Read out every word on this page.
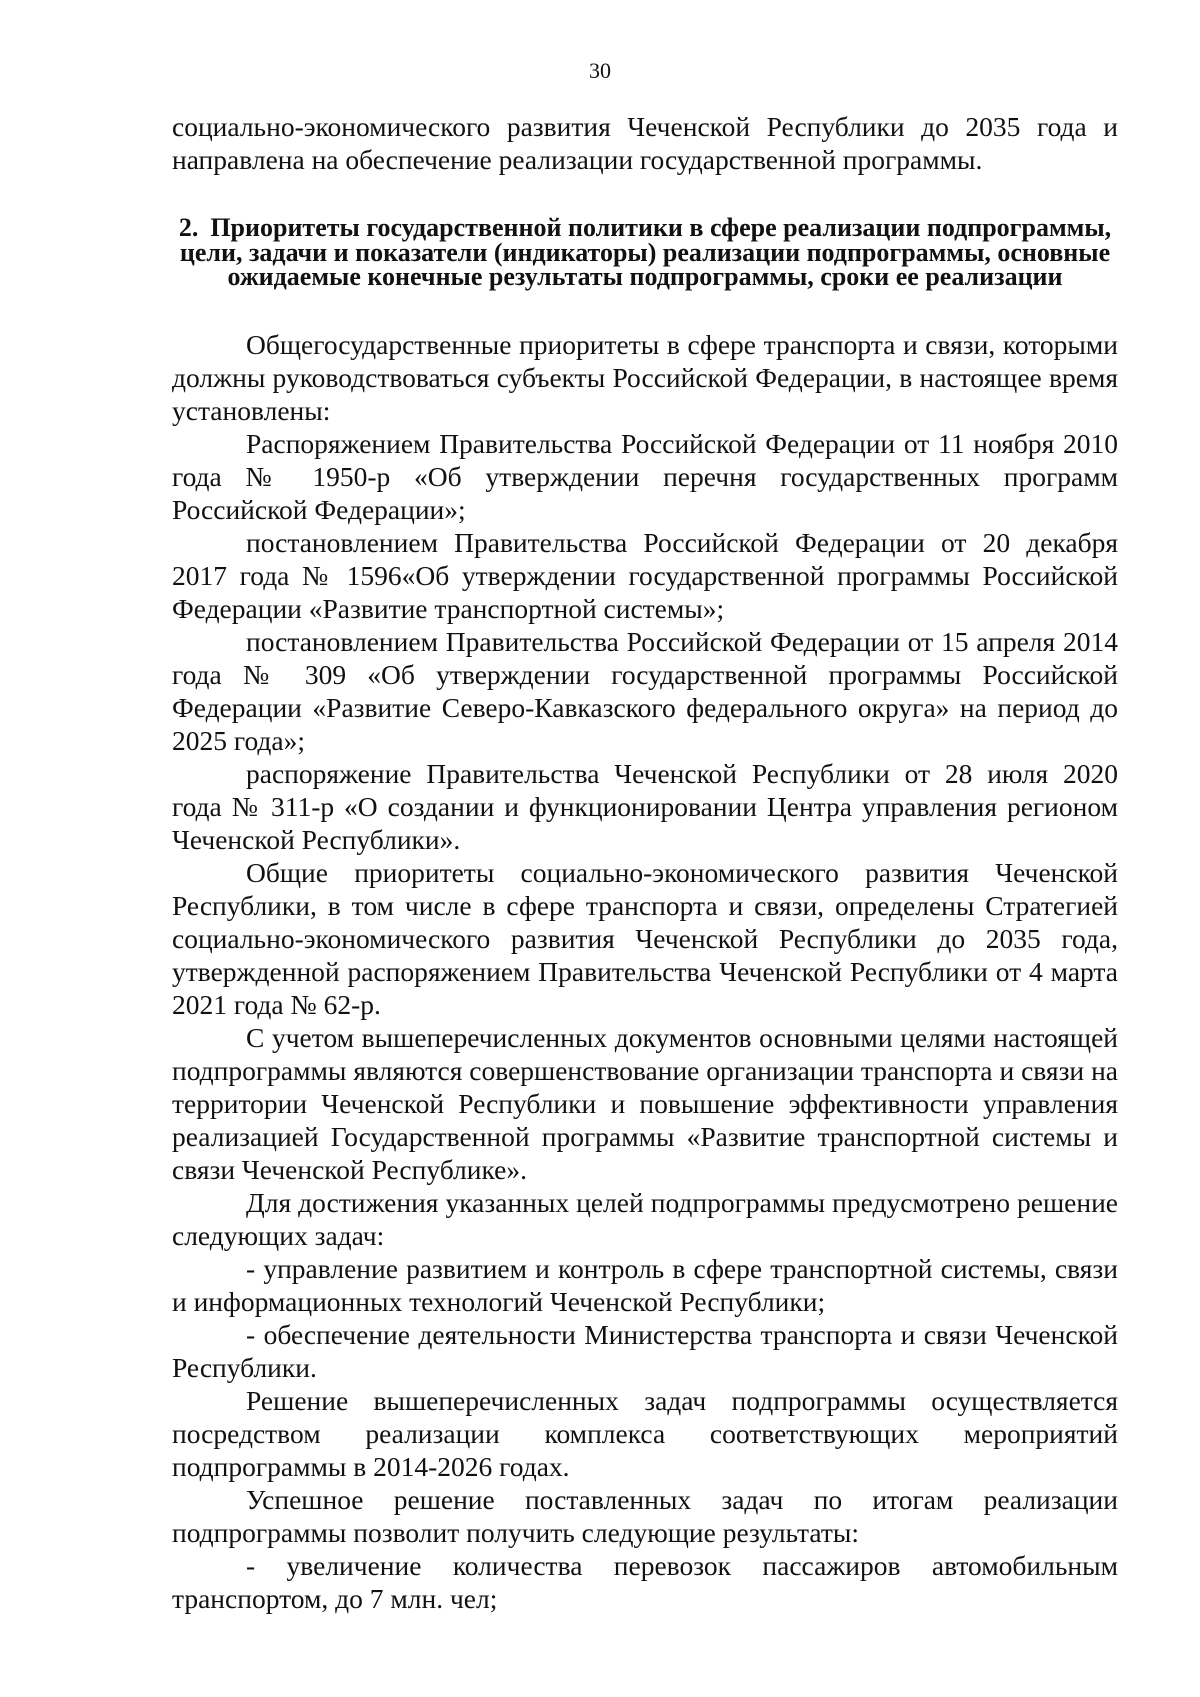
30

социально-экономического развития Чеченской Республики до 2035 года и направлена на обеспечение реализации государственной программы.

2. Приоритеты государственной политики в сфере реализации подпрограммы, цели, задачи и показатели (индикаторы) реализации подпрограммы, основные ожидаемые конечные результаты подпрограммы, сроки ее реализации

Общегосударственные приоритеты в сфере транспорта и связи, которыми должны руководствоваться субъекты Российской Федерации, в настоящее время установлены:

Распоряжением Правительства Российской Федерации от 11 ноября 2010 года № 1950-р «Об утверждении перечня государственных программ Российской Федерации»;

постановлением Правительства Российской Федерации от 20 декабря 2017 года № 1596«Об утверждении государственной программы Российской Федерации «Развитие транспортной системы»;

постановлением Правительства Российской Федерации от 15 апреля 2014 года № 309 «Об утверждении государственной программы Российской Федерации «Развитие Северо-Кавказского федерального округа» на период до 2025 года»;

распоряжение Правительства Чеченской Республики от 28 июля 2020 года № 311-р «О создании и функционировании Центра управления регионом Чеченской Республики».

Общие приоритеты социально-экономического развития Чеченской Республики, в том числе в сфере транспорта и связи, определены Стратегией социально-экономического развития Чеченской Республики до 2035 года, утвержденной распоряжением Правительства Чеченской Республики от 4 марта 2021 года № 62-р.

С учетом вышеперечисленных документов основными целями настоящей подпрограммы являются совершенствование организации транспорта и связи на территории Чеченской Республики и повышение эффективности управления реализацией Государственной программы «Развитие транспортной системы и связи Чеченской Республике».

Для достижения указанных целей подпрограммы предусмотрено решение следующих задач:

- управление развитием и контроль в сфере транспортной системы, связи и информационных технологий Чеченской Республики;

- обеспечение деятельности Министерства транспорта и связи Чеченской Республики.

Решение вышеперечисленных задач подпрограммы осуществляется посредством реализации комплекса соответствующих мероприятий подпрограммы в 2014-2026 годах.

Успешное решение поставленных задач по итогам реализации подпрограммы позволит получить следующие результаты:

- увеличение количества перевозок пассажиров автомобильным транспортом, до 7 млн. чел;
